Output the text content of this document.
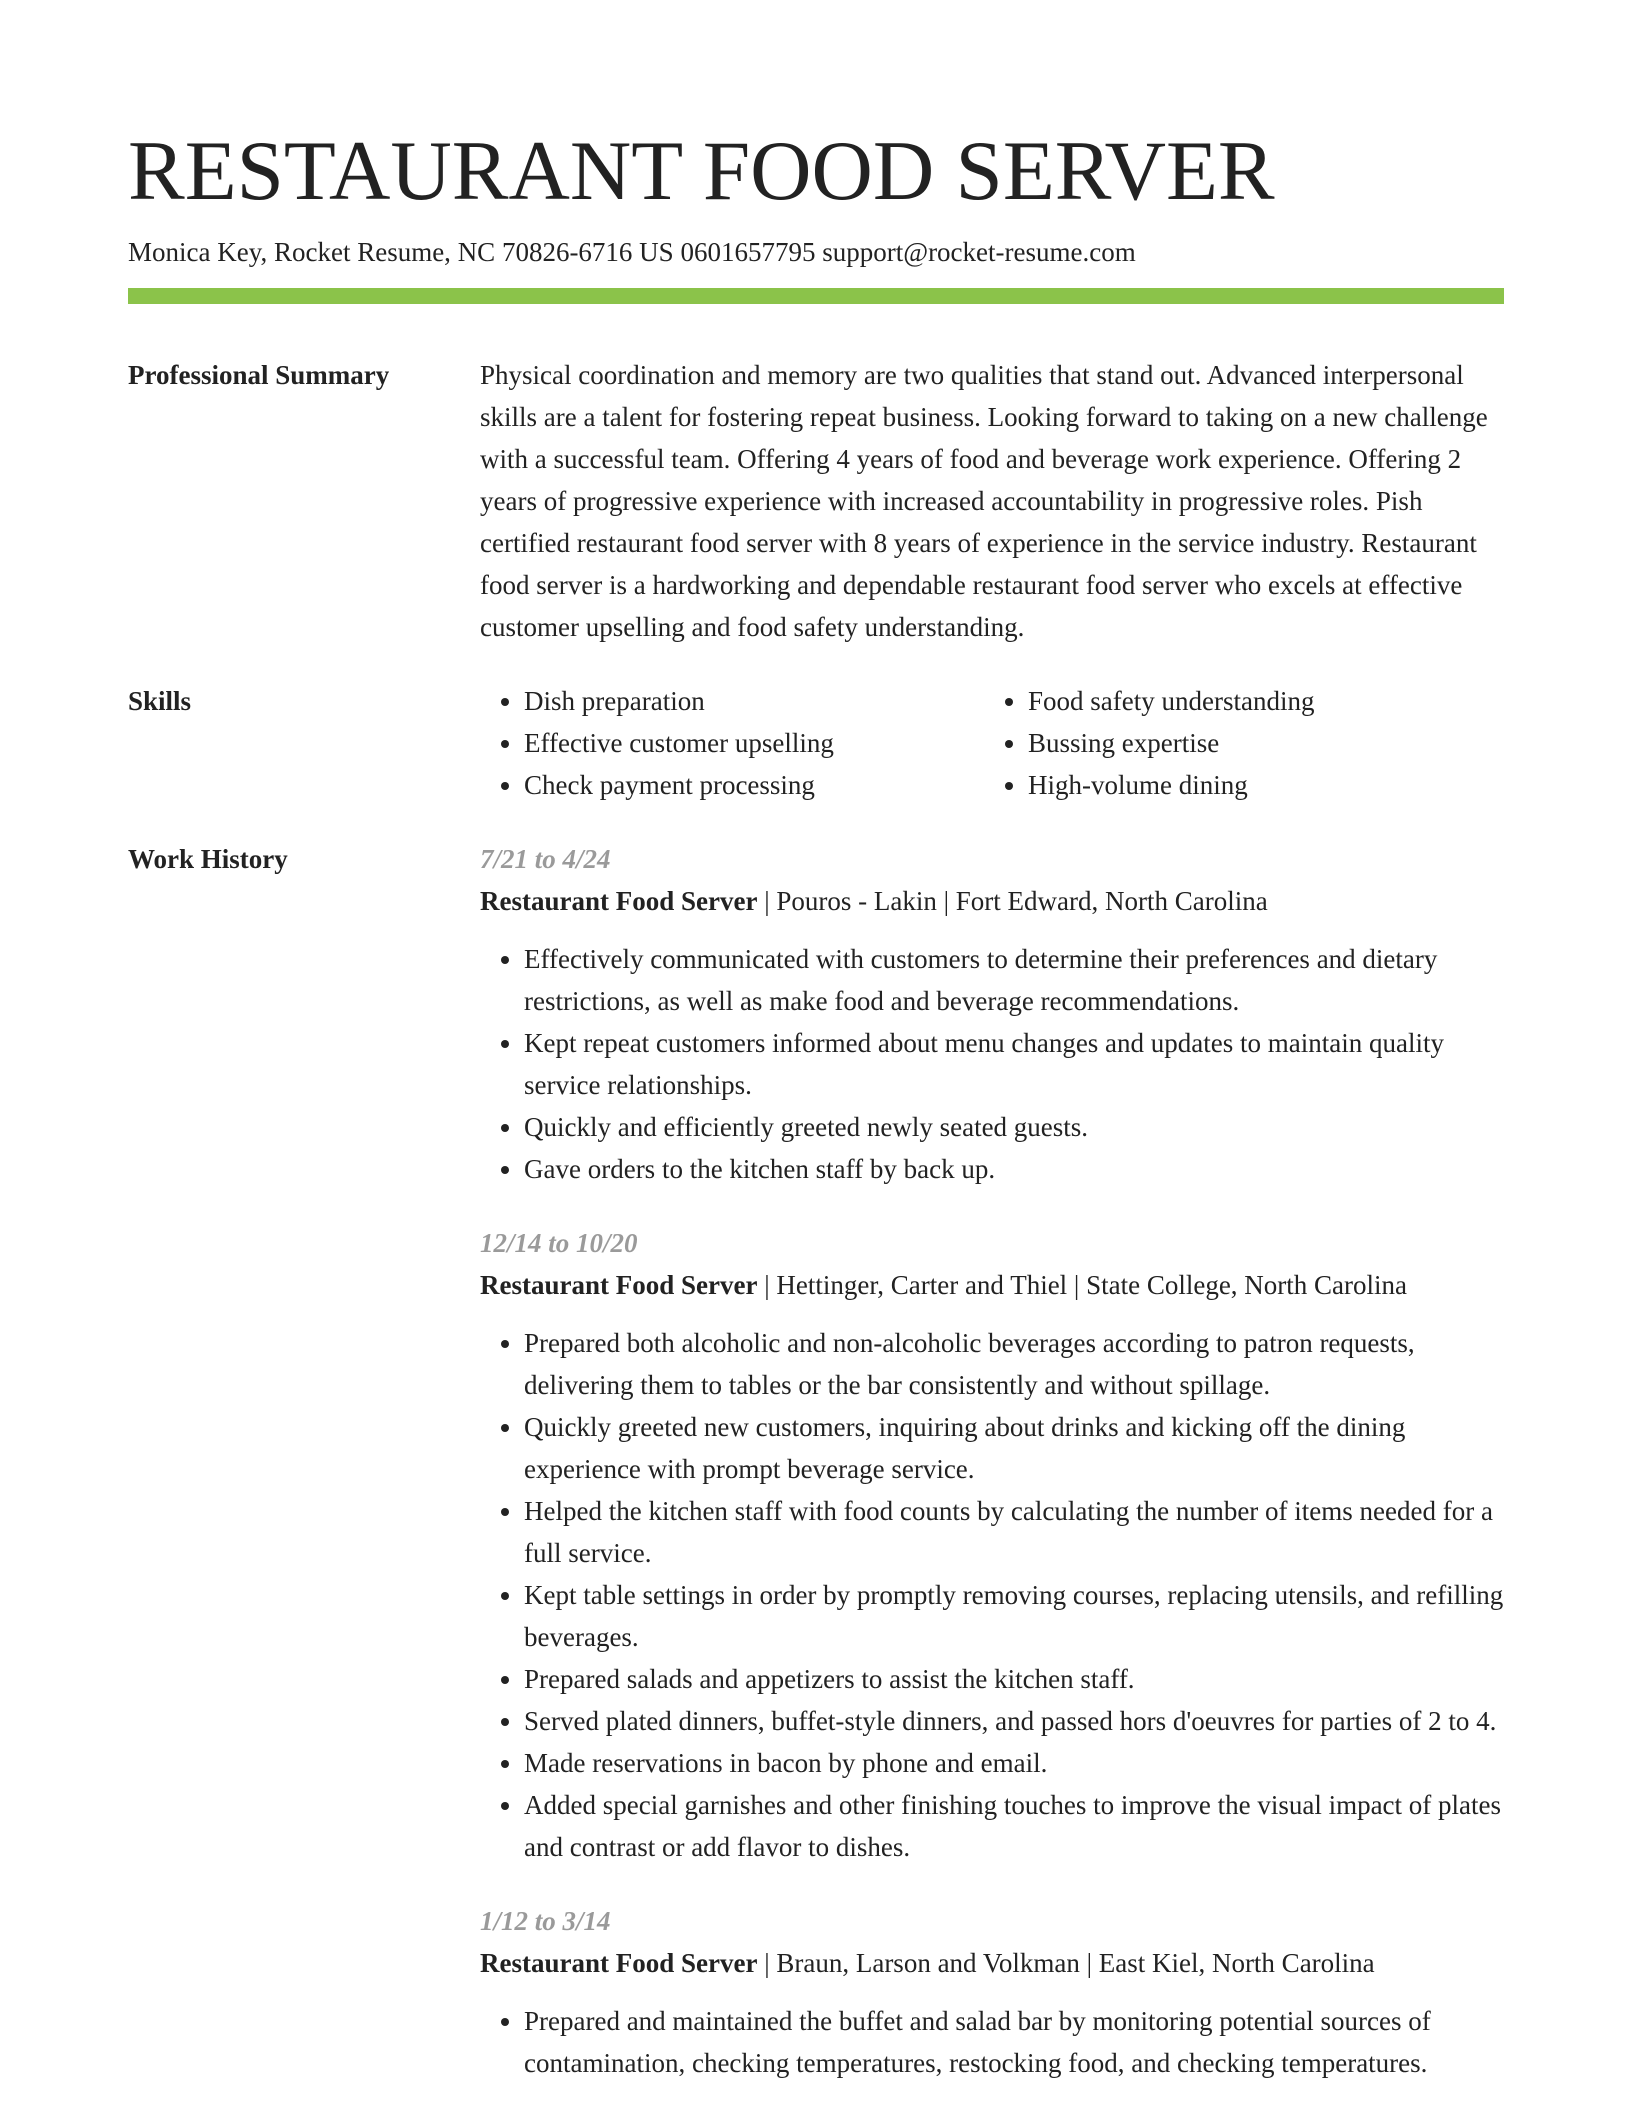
RESTAURANT FOOD SERVER
Monica Key, Rocket Resume, NC 70826-6716 US 0601657795 support@rocket-resume.com
Professional Summary	Physical coordination and memory are two qualities that stand out. Advanced interpersonal skills are a talent for fostering repeat business. Looking forward to taking on a new challenge with a successful team. Offering 4 years of food and beverage work experience. Offering 2 years of progressive experience with increased accountability in progressive roles. Pish certified restaurant food server with 8 years of experience in the service industry. Restaurant food server is a hardworking and dependable restaurant food server who excels at effective customer upselling and food safety understanding.

Skills
•	Dish preparation
• Effective customer upselling
• Check payment processing
• Food safety understanding
• Bussing expertise
• High-volume dining
Work History	7/21 to 4/24
Restaurant Food Server | Pouros - Lakin | Fort Edward, North Carolina
• Effectively communicated with customers to determine their preferences and dietary restrictions, as well as make food and beverage recommendations.
• Kept repeat customers informed about menu changes and updates to maintain quality service relationships.
• Quickly and efficiently greeted newly seated guests.
• Gave orders to the kitchen staff by back up.
12/14 to 10/20
Restaurant Food Server | Hettinger, Carter and Thiel | State College, North Carolina
• Prepared both alcoholic and non-alcoholic beverages according to patron requests, delivering them to tables or the bar consistently and without spillage.
• Quickly greeted new customers, inquiring about drinks and kicking off the dining experience with prompt beverage service.
• Helped the kitchen staff with food counts by calculating the number of items needed for a full service.
• Kept table settings in order by promptly removing courses, replacing utensils, and refilling beverages.
• Prepared salads and appetizers to assist the kitchen staff.
• Served plated dinners, buffet-style dinners, and passed hors d'oeuvres for parties of 2 to 4.
• Made reservations in bacon by phone and email.
• Added special garnishes and other finishing touches to improve the visual impact of plates and contrast or add flavor to dishes.
1/12 to 3/14
Restaurant Food Server | Braun, Larson and Volkman | East Kiel, North Carolina
• Prepared and maintained the buffet and salad bar by monitoring potential sources of contamination, checking temperatures, restocking food, and checking temperatures.
